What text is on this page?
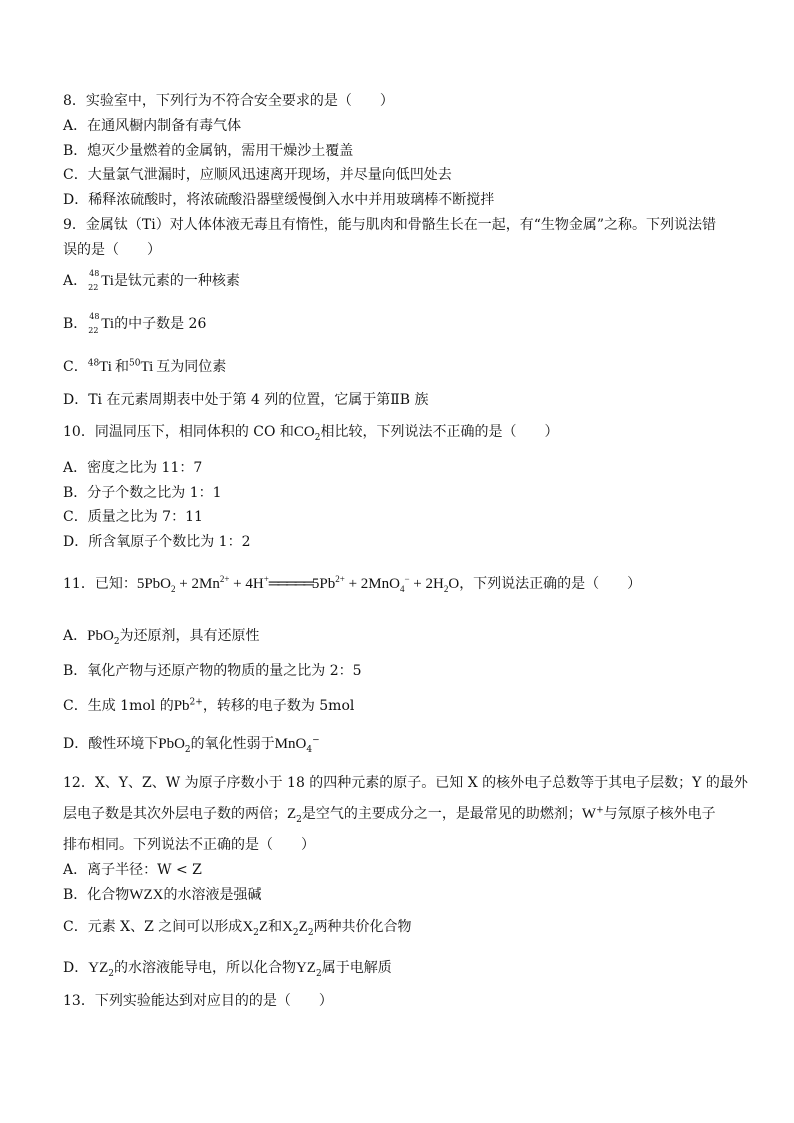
8．实验室中，下列行为不符合安全要求的是（　　）
A．在通风橱内制备有毒气体
B．熄灭少量燃着的金属钠，需用干燥沙土覆盖
C．大量氯气泄漏时，应顺风迅速离开现场，并尽量向低凹处去
D．稀释浓硫酸时，将浓硫酸沿器壁缓慢倒入水中并用玻璃棒不断搅拌
9．金属钛（Ti）对人体体液无毒且有惰性，能与肌肉和骨骼生长在一起，有“生物金属”之称。下列说法错
误的是（　　）
A． 48
22 Ti是钛元素的一种核素
B． 48
22 Ti的中子数是 26
C．$^{48}$Ti 和$^{50}$Ti 互为同位素
D．Ti 在元素周期表中处于第 4 列的位置，它属于第ⅡB 族
10．同温同压下，相同体积的 CO 和$CO_2$相比较，下列说法不正确的是（　　）
A．密度之比为 11：7
B．分子个数之比为 1：1
C．质量之比为 7：11
D．所含氧原子个数比为 1：2
11．已知：$5PbO_2 + 2Mn^{2+}$ + $4H^+═════5Pb^{2+} + 2MnO_4^- + 2H_2O$，下列说法正确的是（　　）
A．PbO$_2$为还原剂，具有还原性
B．氧化产物与还原产物的物质的量之比为 2：5
C．生成 1mol 的$Pb^{2+}$，转移的电子数为 5mol
D．酸性环境下PbO$_2$的氧化性弱于MnO$_4$−
12．X、Y、Z、W 为原子序数小于 18 的四种元素的原子。已知 X 的核外电子总数等于其电子层数；Y 的最外
层电子数是其次外层电子数的两倍；$Z_2$是空气的主要成分之一，是最常见的助燃剂；W+与氖原子核外电子
排布相同。下列说法不正确的是（　　）
A．离子半径：W < Z
B．化合物WZX的水溶液是强碱
C．元素 X、Z 之间可以形成$X_2Z$和$X_2Z_2$两种共价化合物
D．$YZ_2$的水溶液能导电，所以化合物$YZ_2$属于电解质
13．下列实验能达到对应目的的是（　　）
